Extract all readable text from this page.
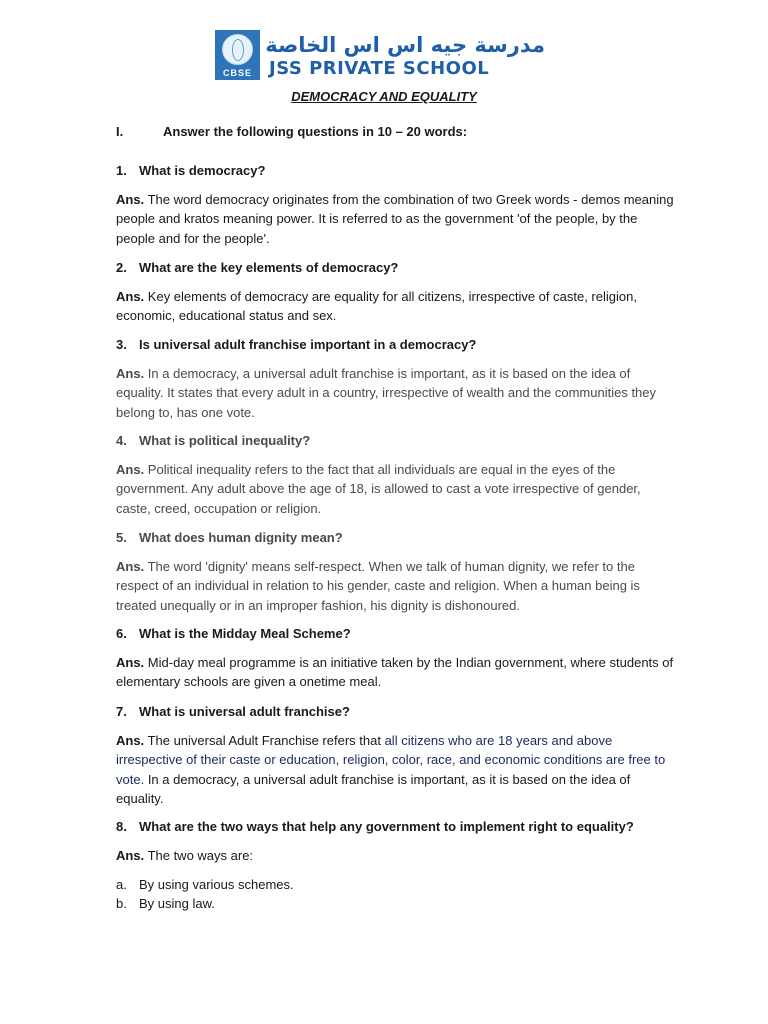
CBSE
مدرسة جيه اس اس الخاصة
JSS PRIVATE SCHOOL
DEMOCRACY AND EQUALITY
I.	Answer the following questions in 10 – 20 words:
1. What is democracy?
Ans. The word democracy originates from the combination of two Greek words - demos meaning people and kratos meaning power. It is referred to as the government 'of the people, by the people and for the people'.
2. What are the key elements of democracy?
Ans. Key elements of democracy are equality for all citizens, irrespective of caste, religion, economic, educational status and sex.
3. Is universal adult franchise important in a democracy?
Ans. In a democracy, a universal adult franchise is important, as it is based on the idea of equality. It states that every adult in a country, irrespective of wealth and the communities they belong to, has one vote.
4. What is political inequality?
Ans. Political inequality refers to the fact that all individuals are equal in the eyes of the government. Any adult above the age of 18, is allowed to cast a vote irrespective of gender, caste, creed, occupation or religion.
5. What does human dignity mean?
Ans. The word 'dignity' means self-respect. When we talk of human dignity, we refer to the respect of an individual in relation to his gender, caste and religion. When a human being is treated unequally or in an improper fashion, his dignity is dishonoured.
6. What is the Midday Meal Scheme?
Ans. Mid-day meal programme is an initiative taken by the Indian government, where students of elementary schools are given a onetime meal.
7. What is universal adult franchise?
Ans. The universal Adult Franchise refers that all citizens who are 18 years and above irrespective of their caste or education, religion, color, race, and economic conditions are free to vote. In a democracy, a universal adult franchise is important, as it is based on the idea of equality.
8. What are the two ways that help any government to implement right to equality?
Ans. The two ways are:
a. By using various schemes.
b. By using law.
